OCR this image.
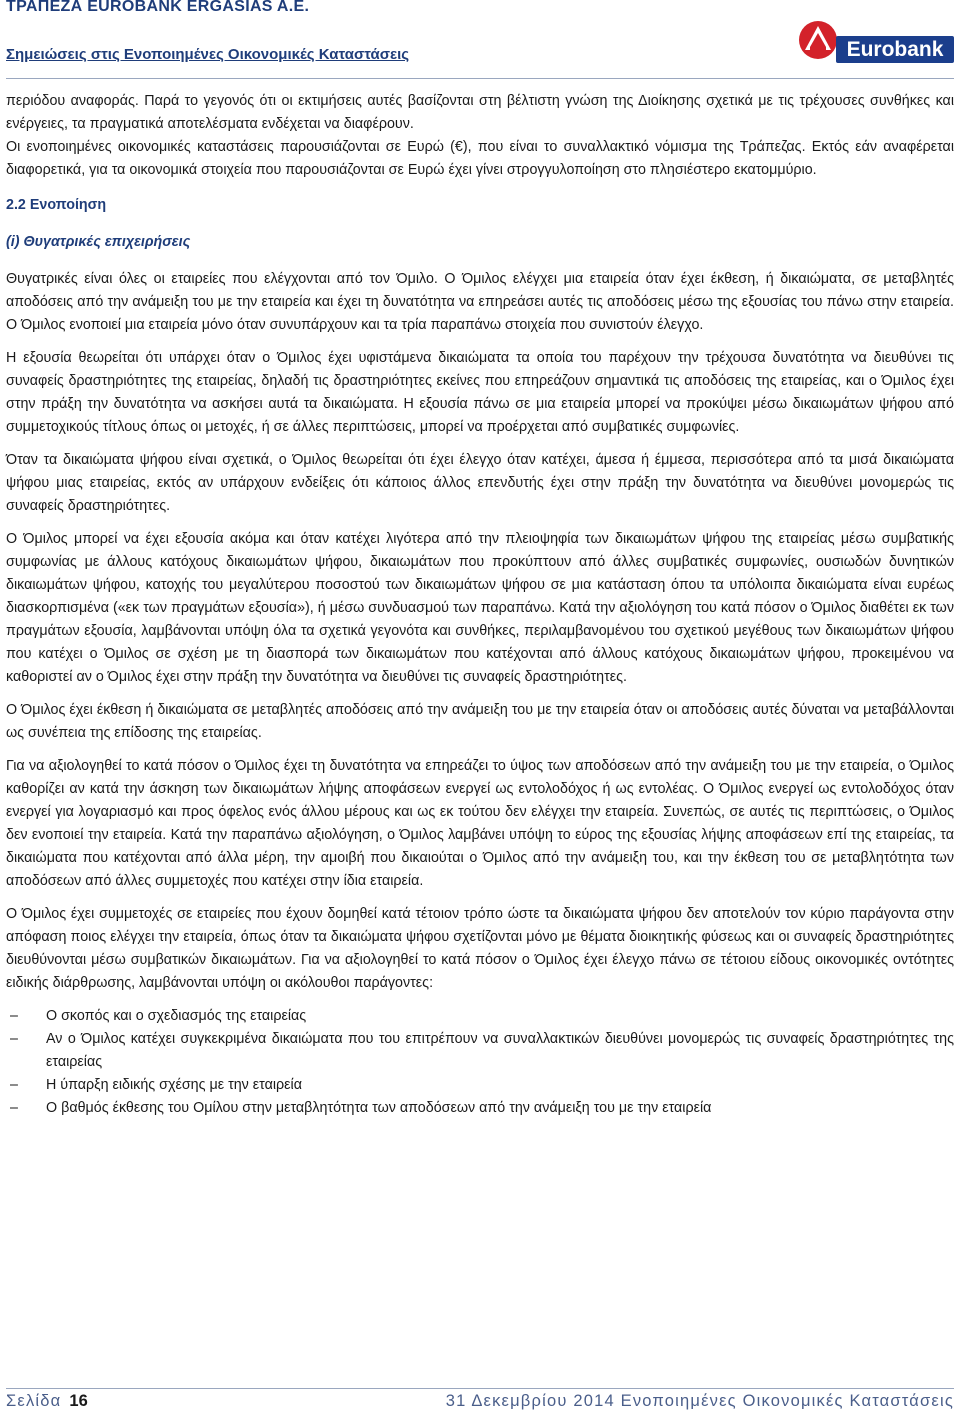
ΤΡΑΠΕΖΑ EUROBANK ERGASIAS A.E.
Σημειώσεις στις Ενοποιημένες Οικονομικές Καταστάσεις	Eurobank

περιόδου αναφοράς. Παρά το γεγονός ότι οι εκτιμήσεις αυτές βασίζονται στη βέλτιστη γνώση της Διοίκησης σχετικά με τις τρέχουσες συνθήκες και ενέργειες, τα πραγματικά αποτελέσματα ενδέχεται να διαφέρουν.

Οι ενοποιημένες οικονομικές καταστάσεις παρουσιάζονται σε Ευρώ (€), που είναι το συναλλακτικό νόμισμα της Τράπεζας. Εκτός εάν αναφέρεται διαφορετικά, για τα οικονομικά στοιχεία που παρουσιάζονται σε Ευρώ έχει γίνει στρογγυλοποίηση στο πλησιέστερο εκατομμύριο.

2.2 Ενοποίηση

(i) Θυγατρικές επιχειρήσεις

Θυγατρικές είναι όλες οι εταιρείες που ελέγχονται από τον Όμιλο. Ο Όμιλος ελέγχει μια εταιρεία όταν έχει έκθεση, ή δικαιώματα, σε μεταβλητές αποδόσεις από την ανάμειξη του με την εταιρεία και έχει τη δυνατότητα να επηρεάσει αυτές τις αποδόσεις μέσω της εξουσίας του πάνω στην εταιρεία. Ο Όμιλος ενοποιεί μια εταιρεία μόνο όταν συνυπάρχουν και τα τρία παραπάνω στοιχεία που συνιστούν έλεγχο.

Η εξουσία θεωρείται ότι υπάρχει όταν ο Όμιλος έχει υφιστάμενα δικαιώματα τα οποία του παρέχουν την τρέχουσα δυνατότητα να διευθύνει τις συναφείς δραστηριότητες της εταιρείας, δηλαδή τις δραστηριότητες εκείνες που επηρεάζουν σημαντικά τις αποδόσεις της εταιρείας, και ο Όμιλος έχει στην πράξη την δυνατότητα να ασκήσει αυτά τα δικαιώματα. Η εξουσία πάνω σε μια εταιρεία μπορεί να προκύψει μέσω δικαιωμάτων ψήφου από συμμετοχικούς τίτλους όπως οι μετοχές, ή σε άλλες περιπτώσεις, μπορεί να προέρχεται από συμβατικές συμφωνίες.

Όταν τα δικαιώματα ψήφου είναι σχετικά, ο Όμιλος θεωρείται ότι έχει έλεγχο όταν κατέχει, άμεσα ή έμμεσα, περισσότερα από τα μισά δικαιώματα ψήφου μιας εταιρείας, εκτός αν υπάρχουν ενδείξεις ότι κάποιος άλλος επενδυτής έχει στην πράξη την δυνατότητα να διευθύνει μονομερώς τις συναφείς δραστηριότητες.

Ο Όμιλος μπορεί να έχει εξουσία ακόμα και όταν κατέχει λιγότερα από την πλειοψηφία των δικαιωμάτων ψήφου της εταιρείας μέσω συμβατικής συμφωνίας με άλλους κατόχους δικαιωμάτων ψήφου, δικαιωμάτων που προκύπτουν από άλλες συμβατικές συμφωνίες, ουσιωδών δυνητικών δικαιωμάτων ψήφου, κατοχής του μεγαλύτερου ποσοστού των δικαιωμάτων ψήφου σε μια κατάσταση όπου τα υπόλοιπα δικαιώματα είναι ευρέως διασκορπισμένα («εκ των πραγμάτων εξουσία»), ή μέσω συνδυασμού των παραπάνω. Κατά την αξιολόγηση του κατά πόσον ο Όμιλος διαθέτει εκ των πραγμάτων εξουσία, λαμβάνονται υπόψη όλα τα σχετικά γεγονότα και συνθήκες, περιλαμβανομένου του σχετικού μεγέθους των δικαιωμάτων ψήφου που κατέχει ο Όμιλος σε σχέση με τη διασπορά των δικαιωμάτων που κατέχονται από άλλους κατόχους δικαιωμάτων ψήφου, προκειμένου να καθοριστεί αν ο Όμιλος έχει στην πράξη την δυνατότητα να διευθύνει τις συναφείς δραστηριότητες.

Ο Όμιλος έχει έκθεση ή δικαιώματα σε μεταβλητές αποδόσεις από την ανάμειξη του με την εταιρεία όταν οι αποδόσεις αυτές δύναται να μεταβάλλονται ως συνέπεια της επίδοσης της εταιρείας.

Για να αξιολογηθεί το κατά πόσον ο Όμιλος έχει τη δυνατότητα να επηρεάζει το ύψος των αποδόσεων από την ανάμειξη του με την εταιρεία, ο Όμιλος καθορίζει αν κατά την άσκηση των δικαιωμάτων λήψης αποφάσεων ενεργεί ως εντολοδόχος ή ως εντολέας. Ο Όμιλος ενεργεί ως εντολοδόχος όταν ενεργεί για λογαριασμό και προς όφελος ενός άλλου μέρους και ως εκ τούτου δεν ελέγχει την εταιρεία. Συνεπώς, σε αυτές τις περιπτώσεις, ο Όμιλος δεν ενοποιεί την εταιρεία. Κατά την παραπάνω αξιολόγηση, ο Όμιλος λαμβάνει υπόψη το εύρος της εξουσίας λήψης αποφάσεων επί της εταιρείας, τα δικαιώματα που κατέχονται από άλλα μέρη, την αμοιβή που δικαιούται ο Όμιλος από την ανάμειξη του, και την έκθεση του σε μεταβλητότητα των αποδόσεων από άλλες συμμετοχές που κατέχει στην ίδια εταιρεία.

Ο Όμιλος έχει συμμετοχές σε εταιρείες που έχουν δομηθεί κατά τέτοιον τρόπο ώστε τα δικαιώματα ψήφου δεν αποτελούν τον κύριο παράγοντα στην απόφαση ποιος ελέγχει την εταιρεία, όπως όταν τα δικαιώματα ψήφου σχετίζονται μόνο με θέματα διοικητικής φύσεως και οι συναφείς δραστηριότητες διευθύνονται μέσω συμβατικών δικαιωμάτων. Για να αξιολογηθεί το κατά πόσον ο Όμιλος έχει έλεγχο πάνω σε τέτοιου είδους οικονομικές οντότητες ειδικής διάρθρωσης, λαμβάνονται υπόψη οι ακόλουθοι παράγοντες:

– Ο σκοπός και ο σχεδιασμός της εταιρείας
– Αν ο Όμιλος κατέχει συγκεκριμένα δικαιώματα που του επιτρέπουν να συναλλακτικών διευθύνει μονομερώς τις συναφείς δραστηριότητες της εταιρείας
– Η ύπαρξη ειδικής σχέσης με την εταιρεία
– Ο βαθμός έκθεσης του Ομίλου στην μεταβλητότητα των αποδόσεων από την ανάμειξη του με την εταιρεία
Σελίδα 16	31 Δεκεμβρίου 2014 Ενοποιημένες Οικονομικές Καταστάσεις
